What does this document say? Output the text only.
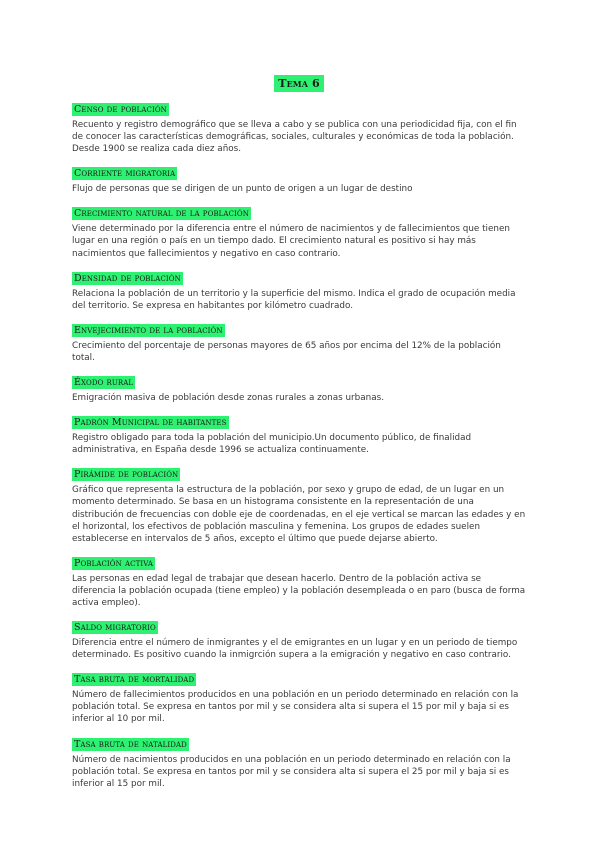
Tema 6
Censo de población

Recuento y registro demográfico que se lleva a cabo y se publica con una periodicidad fija, con el fin de conocer las características demográficas, sociales, culturales y económicas de toda la población. Desde 1900 se realiza cada diez años.

Corriente migratoria

Flujo de personas que se dirigen de un punto de origen a un lugar de destino

Crecimiento natural de la población

Viene determinado por la diferencia entre el número de nacimientos y de fallecimientos que tienen lugar en una región o país en un tiempo dado. El crecimiento natural es positivo si hay más nacimientos que fallecimientos y negativo en caso contrario.

Densidad de población

Relaciona la población de un territorio y la superficie del mismo. Indica el grado de ocupación media del territorio. Se expresa en habitantes por kilómetro cuadrado.

Envejecimiento de la población

Crecimiento del porcentaje de personas mayores de 65 años por encima del 12% de la población total.

Éxodo rural

Emigración masiva de población desde zonas rurales a zonas urbanas.

Padrón Municipal de habitantes

Registro obligado para toda la población del municipio.Un documento público, de finalidad administrativa, en España desde 1996 se actualiza continuamente.

Pirámide de población

Gráfico que representa la estructura de la población, por sexo y grupo de edad, de un lugar en un momento determinado. Se basa en un histograma consistente en la representación de una distribución de frecuencias con doble eje de coordenadas, en el eje vertical se marcan las edades y en el horizontal, los efectivos de población masculina y femenina. Los grupos de edades suelen establecerse en intervalos de 5 años, excepto el último que puede dejarse abierto.

Población activa

Las personas en edad legal de trabajar que desean hacerlo. Dentro de la población activa se diferencia la población ocupada (tiene empleo) y la población desempleada o en paro (busca de forma activa empleo).

Saldo migratorio

Diferencia entre el número de inmigrantes y el de emigrantes en un lugar y en un periodo de tiempo determinado. Es positivo cuando la inmigrción supera a la emigración y negativo en caso contrario.

Tasa bruta de mortalidad

Número de fallecimientos producidos en una población en un periodo determinado en relación con la población total. Se expresa en tantos por mil y se considera alta si supera el 15 por mil y baja si es inferior al 10 por mil.

Tasa bruta de natalidad

Número de nacimientos producidos en una población en un periodo determinado en relación con la población total. Se expresa en tantos por mil y se considera alta si supera el 25 por mil y baja si es inferior al 15 por mil.
